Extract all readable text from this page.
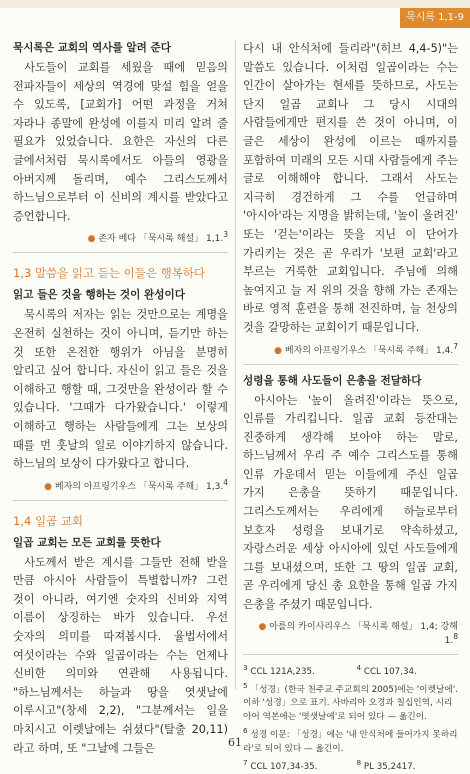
묵시록 1,1-9

묵시록은 교회의 역사를 알려 준다

사도들이 교회를 세웠을 때에 믿음의 전파자들이 세상의 역경에 맞설 힘을 얻을 수 있도록, [교회가] 어떤 과정을 거쳐 자라나 종말에 완성에 이를지 미리 알려 줄 필요가 있었습니다. 요한은 자신의 다른 글에서처럼 묵시록에서도 아들의 영광을 아버지께 돌리며, 예수 그리스도께서 하느님으로부터 이 신비의 계시를 받았다고 증언합니다.

● 존자 베다 「묵시록 해설」 1,1.$^3$

1,3 말씀을 읽고 듣는 이들은 행복하다

읽고 들은 것을 행하는 것이 완성이다

묵시록의 저자는 읽는 것만으로는 계명을 온전히 실천하는 것이 아니며, 듣기만 하는 것 또한 온전한 행위가 아님을 분명히 알리고 싶어 합니다. 자신이 읽고 들은 것을 이해하고 행할 때, 그것만을 완성이라 할 수 있습니다. '그때가 다가왔습니다.' 이렇게 이해하고 행하는 사람들에게 그는 보상의 때를 먼 훗날의 일로 이야기하지 않습니다. 하느님의 보상이 다가왔다고 합니다.

● 베자의 아프링기우스 「묵시록 주해」 1,3.$^4$

1,4 일곱 교회

일곱 교회는 모든 교회를 뜻한다

사도께서 받은 계시를 그들만 전해 받을 만큼 아시아 사람들이 특별합니까? 그런 것이 아니라, 여기엔 숫자의 신비와 지역 이름이 상징하는 바가 있습니다. 우선 숫자의 의미를 따져봅시다. 율법서에서 여섯이라는 수와 일곱이라는 수는 언제나 신비한 의미와 연관해 사용됩니다. "하느님께서는 하늘과 땅을 엿샛날에 이루시고"(창세 2,2), "그분께서는 일을 마치시고 이렛날에는 쉬셨다"(탈출 20,11)라고 하며, 또 "그날에 그들은

다시 내 안식처에 들리라"(히브 4,4-5)"는 말씀도 있습니다. 이처럼 일곱이라는 수는 인간이 살아가는 현세를 뜻하므로, 사도는 단지 일곱 교회나 그 당시 시대의 사람들에게만 편지를 쓴 것이 아니며, 이 글은 세상이 완성에 이르는 때까지를 포함하여 미래의 모든 시대 사람들에게 주는 글로 이해해야 합니다. 그래서 사도는 지극히 경건하게 그 수를 언급하며 '아시아'라는 지명을 밝히는데, '높이 올려진' 또는 '걷는'이라는 뜻을 지닌 이 단어가 가리키는 것은 곧 우리가 '보편 교회'라고 부르는 거룩한 교회입니다. 주님에 의해 높여지고 늘 저 위의 것을 향해 가는 존재는 바로 영적 훈련을 통해 전진하며, 늘 천상의 것을 갈망하는 교회이기 때문입니다.

● 베자의 아프링기우스 「묵시록 주해」 1,4.$^7$

성령을 통해 사도들이 은총을 전달하다

아시아는 '높이 올려진'이라는 뜻으로, 인류를 가리킵니다. 일곱 교회 등잔대는 진중하게 생각해 보아야 하는 말로, 하느님께서 우리 주 예수 그리스도를 통해 인류 가운데서 믿는 이들에게 주신 일곱 가지 은총을 뜻하기 때문입니다. 그리스도께서는 우리에게 하늘로부터 보호자 성령을 보내기로 약속하셨고, 자랑스러운 세상 아시아에 있던 사도들에게 그를 보내셨으며, 또한 그 땅의 일곱 교회, 곧 우리에게 당신 총 요한을 통해 일곱 가지 은총을 주셨기 때문입니다.

● 아를의 카이사리우스 「묵시록 해설」 1,4; 강해 1.$^8$

$^3$ CCL 121A,235.	$^4$ CCL 107,34.
$^5$ 「성경」(한국 천주교 주교회의 2005)에는 '이렛날에'. 이하 '성경」으로 표기. 사바리아 오경과 칠십인역, 시리아어 역본에는 '엿샛날에'로 되어 있다 — 옮긴이.
$^6$ 성경 이문: 「성경」에는 '내 안식처에 들어가지 못하리라'로 되어 있다 — 옮긴이.
$^7$ CCL 107,34-35.	$^8$ PL 35,2417.
61
